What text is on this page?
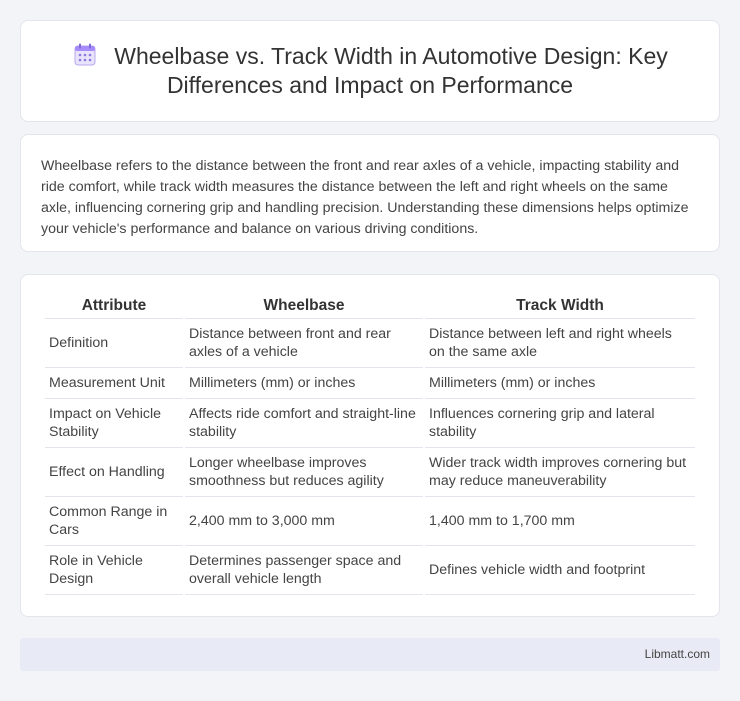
Wheelbase vs. Track Width in Automotive Design: Key Differences and Impact on Performance

Wheelbase refers to the distance between the front and rear axles of a vehicle, impacting stability and ride comfort, while track width measures the distance between the left and right wheels on the same axle, influencing cornering grip and handling precision. Understanding these dimensions helps optimize your vehicle's performance and balance on various driving conditions.

Attribute	Wheelbase	Track Width
Definition	Distance between front and rear axles of a vehicle	Distance between left and right wheels on the same axle
Measurement Unit	Millimeters (mm) or inches	Millimeters (mm) or inches
Impact on Vehicle Stability	Affects ride comfort and straight-line stability	Influences cornering grip and lateral stability
Effect on Handling	Longer wheelbase improves smoothness but reduces agility	Wider track width improves cornering but may reduce maneuverability
Common Range in Cars	2,400 mm to 3,000 mm	1,400 mm to 1,700 mm
Role in Vehicle Design	Determines passenger space and overall vehicle length	Defines vehicle width and footprint
Libmatt.com
